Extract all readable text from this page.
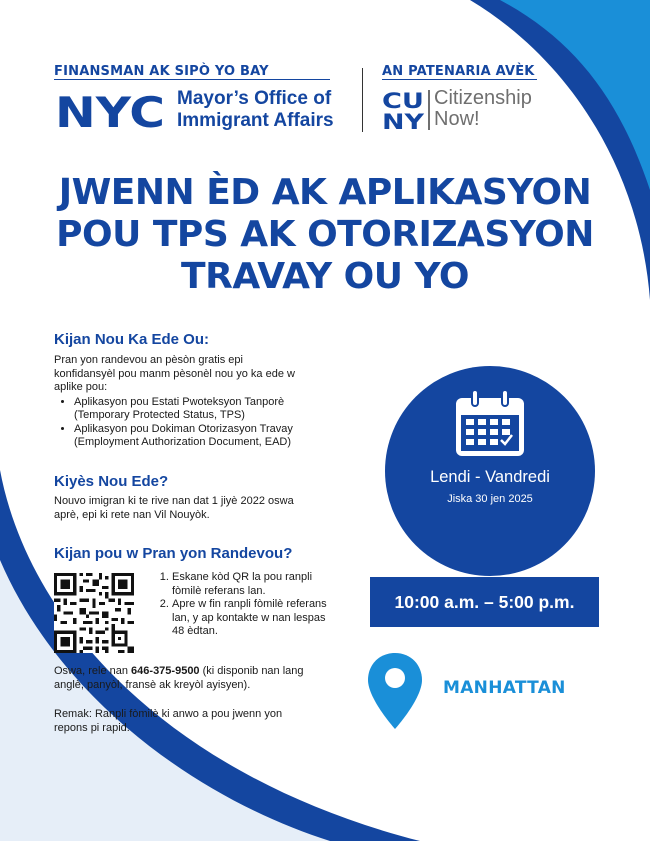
FINANSMAN AK SIPÒ YO BAY	AN PATENARIA AVÈK
NYC Mayor’s Office of
Immigrant Affairs
CU
NY
Citizenship
Now!
JWENN ÈD AK APLIKASYON
POU TPS AK OTORIZASYON
TRAVAY OU YO
Kijan Nou Ka Ede Ou:
Pran yon randevou an pèsòn gratis epi konfidansyèl pou manm pèsonèl nou yo ka ede w aplike pou:
• Aplikasyon pou Estati Pwoteksyon Tanporè (Temporary Protected Status, TPS)
• Aplikasyon pou Dokiman Otorizasyon Travay (Employment Authorization Document, EAD)
Kiyès Nou Ede?
Nouvo imigran ki te rive nan dat 1 jiyè 2022 oswa aprè, epi ki rete nan Vil Nouyòk.
Kijan pou w Pran yon Randevou?
1. Eskane kòd QR la pou ranpli fòmilè referans lan.
2. Apre w fin ranpli fòmilè referans lan, y ap kontakte w nan lespas 48 èdtan.
Oswa, rele nan 646-375-9500 (ki disponib nan lang anglè, panyòl, fransè ak kreyòl ayisyen).
Remak: Ranpli fòmilè ki anwo a pou jwenn yon repons pi rapid.
Lendi - Vandredi
Jiska 30 jen 2025
10:00 a.m. – 5:00 p.m.
MANHATTAN
